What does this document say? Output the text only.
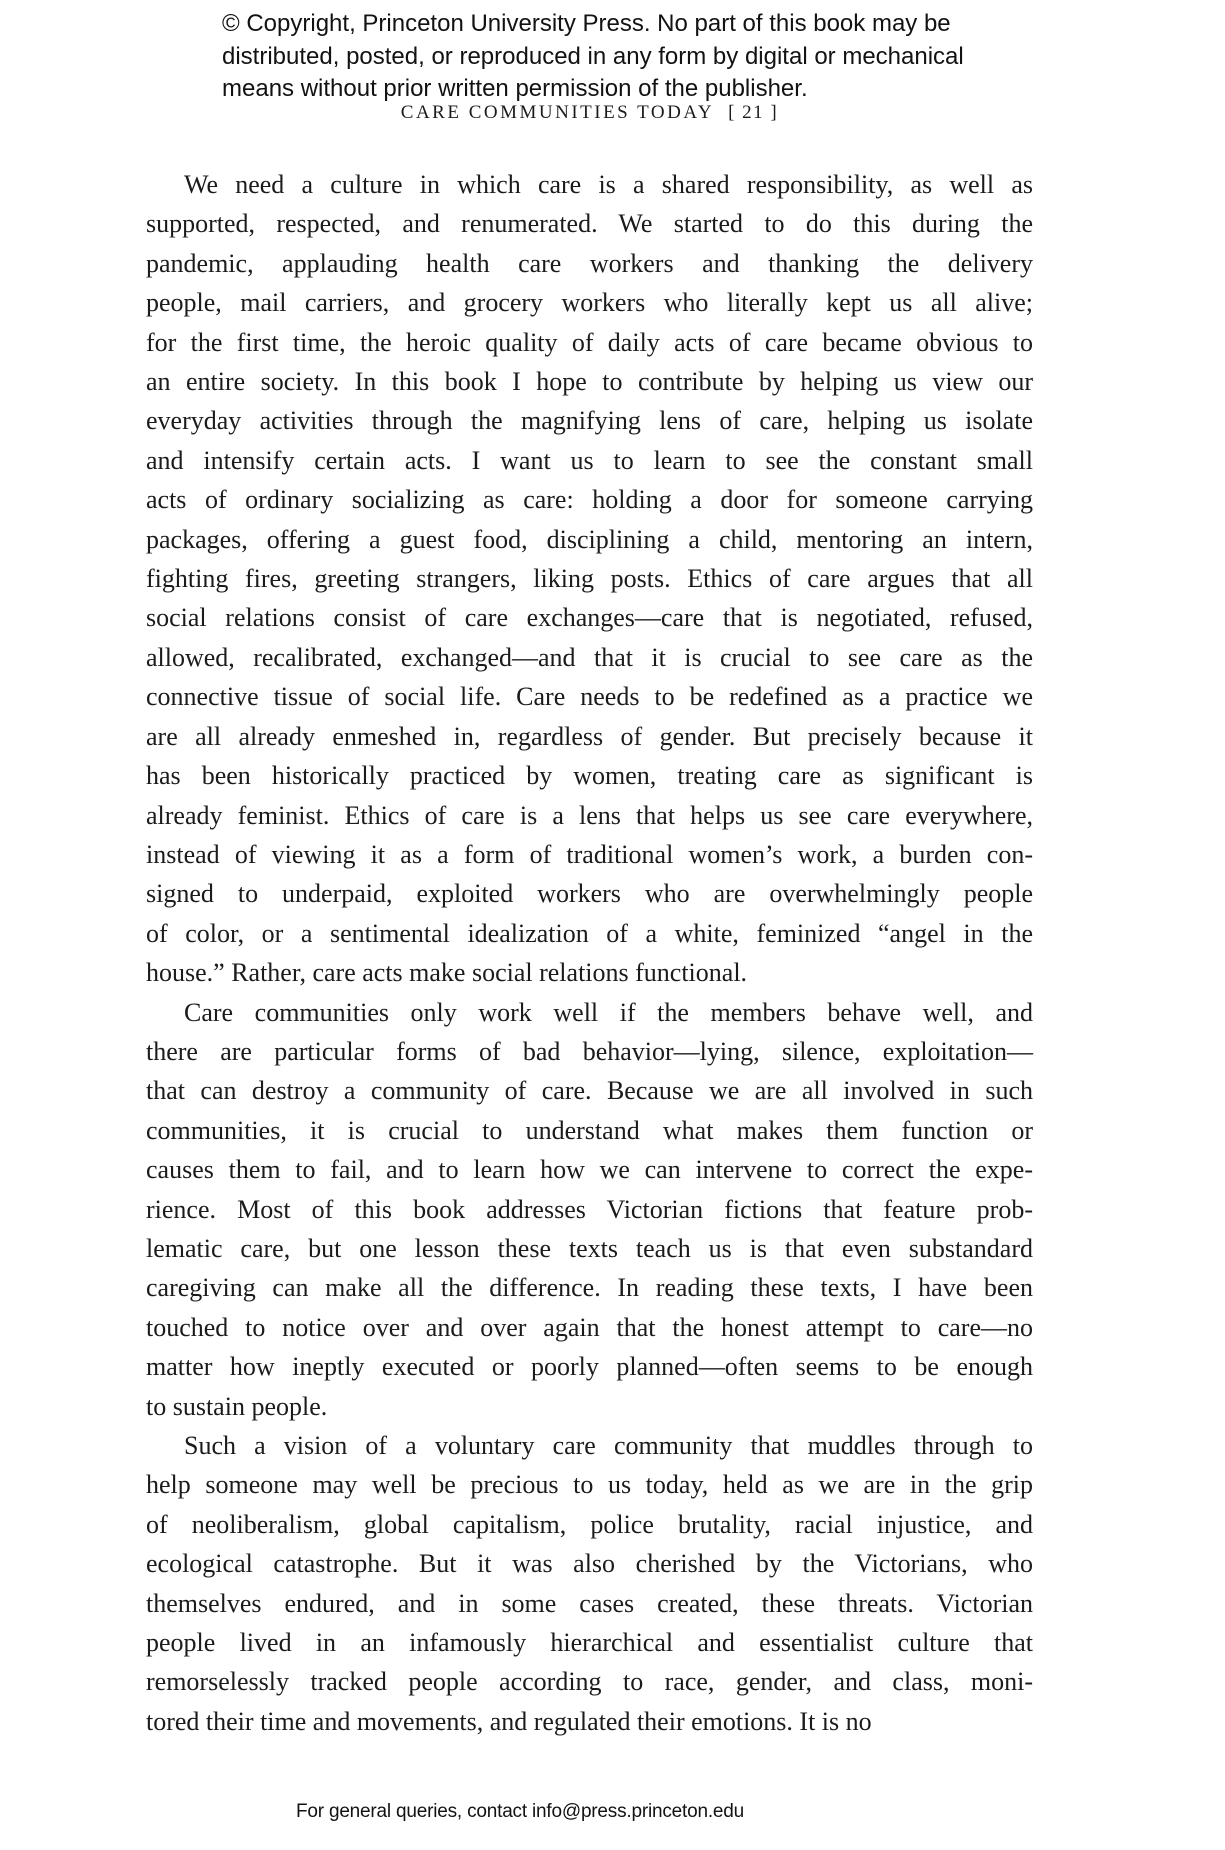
© Copyright, Princeton University Press. No part of this book may be
distributed, posted, or reproduced in any form by digital or mechanical
means without prior written permission of the publisher.
CARE COMMUNITIES TODAY [ 21 ]
We need a culture in which care is a shared responsibility, as well as
supported, respected, and renumerated. We started to do this during the
pandemic, applauding health care workers and thanking the delivery
people, mail carriers, and grocery workers who literally kept us all alive;
for the first time, the heroic quality of daily acts of care became obvious to
an entire society. In this book I hope to contribute by helping us view our
everyday activities through the magnifying lens of care, helping us isolate
and intensify certain acts. I want us to learn to see the constant small
acts of ordinary socializing as care: holding a door for someone carrying
packages, offering a guest food, disciplining a child, mentoring an intern,
fighting fires, greeting strangers, liking posts. Ethics of care argues that all
social relations consist of care exchanges—care that is negotiated, refused,
allowed, recalibrated, exchanged—and that it is crucial to see care as the
connective tissue of social life. Care needs to be redefined as a practice we
are all already enmeshed in, regardless of gender. But precisely because it
has been historically practiced by women, treating care as significant is
already feminist. Ethics of care is a lens that helps us see care everywhere,
instead of viewing it as a form of traditional women’s work, a burden con-
signed to underpaid, exploited workers who are overwhelmingly people
of color, or a sentimental idealization of a white, feminized “angel in the
house.” Rather, care acts make social relations functional.
Care communities only work well if the members behave well, and
there are particular forms of bad behavior—lying, silence, exploitation—
that can destroy a community of care. Because we are all involved in such
communities, it is crucial to understand what makes them function or
causes them to fail, and to learn how we can intervene to correct the expe-
rience. Most of this book addresses Victorian fictions that feature prob-
lematic care, but one lesson these texts teach us is that even substandard
caregiving can make all the difference. In reading these texts, I have been
touched to notice over and over again that the honest attempt to care—no
matter how ineptly executed or poorly planned—often seems to be enough
to sustain people.
Such a vision of a voluntary care community that muddles through to
help someone may well be precious to us today, held as we are in the grip
of neoliberalism, global capitalism, police brutality, racial injustice, and
ecological catastrophe. But it was also cherished by the Victorians, who
themselves endured, and in some cases created, these threats. Victorian
people lived in an infamously hierarchical and essentialist culture that
remorselessly tracked people according to race, gender, and class, moni-
tored their time and movements, and regulated their emotions. It is no
For general queries, contact info@press.princeton.edu
